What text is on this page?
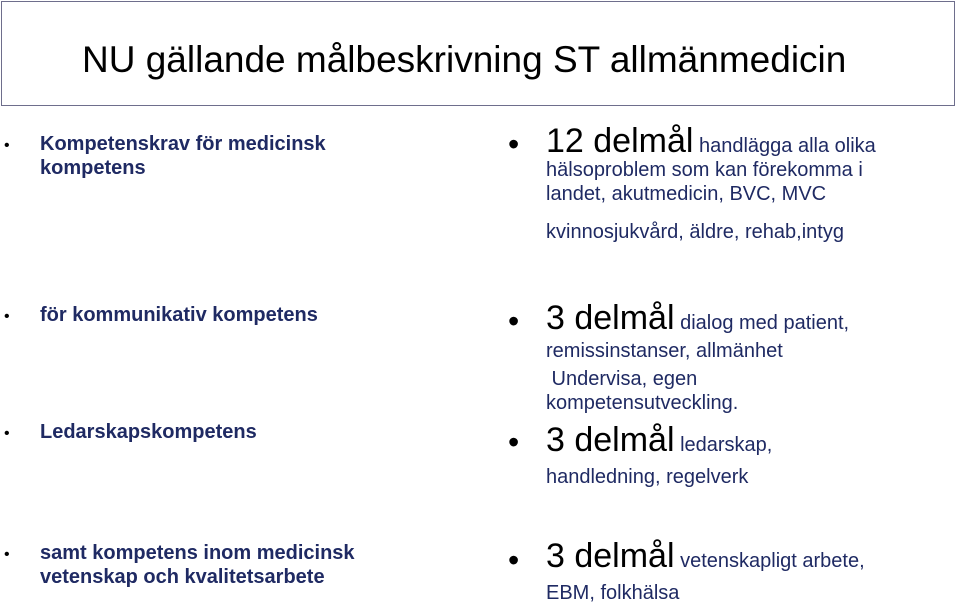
NU gällande målbeskrivning ST allmänmedicin
• Kompetenskrav för medicinsk
kompetens
• för kommunikativ kompetens
• Ledarskapskompetens
• samt kompetens inom medicinsk
vetenskap och kvalitetsarbete
• 12 delmål handlägga alla olika
hälsoproblem som kan förekomma i
landet, akutmedicin, BVC, MVC
kvinnosjukvård, äldre, rehab,intyg
• 3 delmål dialog med patient,
remissinstanser, allmänhet
Undervisa, egen
kompetensutveckling.
• 3 delmål ledarskap,
handledning, regelverk
• 3 delmål vetenskapligt arbete,
EBM, folkhälsa
